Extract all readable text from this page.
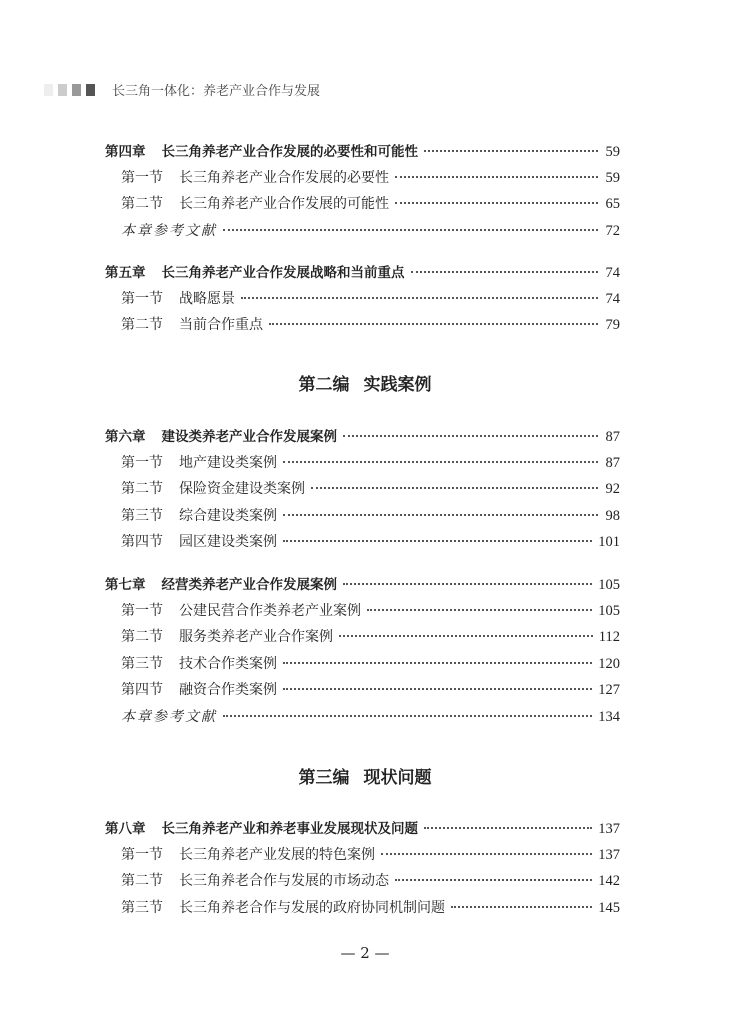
长三角一体化：养老产业合作与发展
第四章 长三角养老产业合作发展的必要性和可能性	59
第一节 长三角养老产业合作发展的必要性	59
第二节 长三角养老产业合作发展的可能性	65
本章参考文献	72
第五章 长三角养老产业合作发展战略和当前重点	74
第一节 战略愿景	74
第二节 当前合作重点	79
第二编 实践案例
第六章 建设类养老产业合作发展案例	87
第一节 地产建设类案例	87
第二节 保险资金建设类案例	92
第三节 综合建设类案例	98
第四节 园区建设类案例	101
第七章 经营类养老产业合作发展案例	105
第一节 公建民营合作类养老产业案例	105
第二节 服务类养老产业合作案例	112
第三节 技术合作类案例	120
第四节 融资合作类案例	127
本章参考文献	134
第三编 现状问题
第八章 长三角养老产业和养老事业发展现状及问题	137
第一节 长三角养老产业发展的特色案例	137
第二节 长三角养老合作与发展的市场动态	142
第三节 长三角养老合作与发展的政府协同机制问题	145
— 2 —
